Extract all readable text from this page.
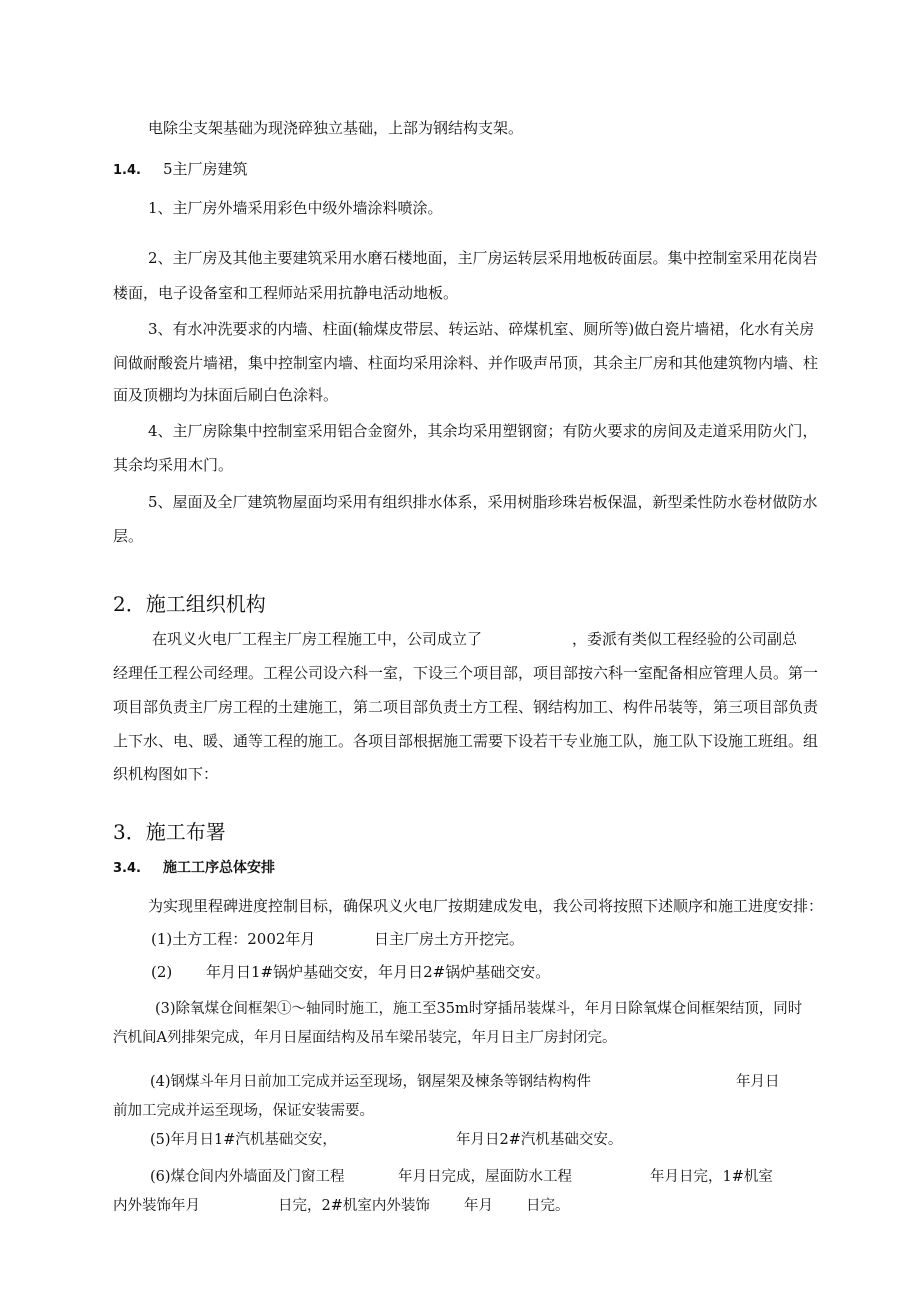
电除尘支架基础为现浇碎独立基础，上部为钢结构支架。
1.4. 5主厂房建筑
1、主厂房外墙采用彩色中级外墙涂料喷涂。
2、主厂房及其他主要建筑采用水磨石楼地面，主厂房运转层采用地板砖面层。集中控制室采用花岗岩
楼面，电子设备室和工程师站采用抗静电活动地板。
3、有水冲洗要求的内墙、柱面(输煤皮带层、转运站、碎煤机室、厕所等)做白瓷片墙裙，化水有关房
间做耐酸瓷片墙裙，集中控制室内墙、柱面均采用涂料、并作吸声吊顶，其余主厂房和其他建筑物内墙、柱
面及顶棚均为抹面后刷白色涂料。
4、主厂房除集中控制室采用铝合金窗外，其余均采用塑钢窗；有防火要求的房间及走道采用防火门，
其余均采用木门。
5、屋面及全厂建筑物屋面均采用有组织排水体系，采用树脂珍珠岩板保温，新型柔性防水卷材做防水
层。
2．施工组织机构
在巩义火电厂工程主厂房工程施工中，公司成立了	，委派有类似工程经验的公司副总
经理任工程公司经理。工程公司设六科一室，下设三个项目部，项目部按六科一室配备相应管理人员。第一
项目部负责主厂房工程的土建施工，第二项目部负责土方工程、钢结构加工、构件吊装等，第三项目部负责
上下水、电、暖、通等工程的施工。各项目部根据施工需要下设若干专业施工队，施工队下设施工班组。组
织机构图如下：
3．施工布署
3.4. 施工工序总体安排
为实现里程碑进度控制目标，确保巩义火电厂按期建成发电，我公司将按照下述顺序和施工进度安排：
(1)土方工程：2002年月	日主厂房土方开挖完。
(2) 年月日1#锅炉基础交安，年月日2#锅炉基础交安。
(3)除氧煤仓间框架①～轴同时施工，施工至35m时穿插吊装煤斗，年月日除氧煤仓间框架结顶，同时
汽机间A列排架完成，年月日屋面结构及吊车梁吊装完，年月日主厂房封闭完。
(4)钢煤斗年月日前加工完成并运至现场，钢屋架及楝条等钢结构构件	年月日
前加工完成并运至现场，保证安装需要。
(5)年月日1#汽机基础交安，	年月日2#汽机基础交安。
(6)煤仓间内外墙面及门窗工程	年月日完成，屋面防水工程	年月日完，1#机室
内外装饰年月	日完，2#机室内外装饰 年月 日完。
